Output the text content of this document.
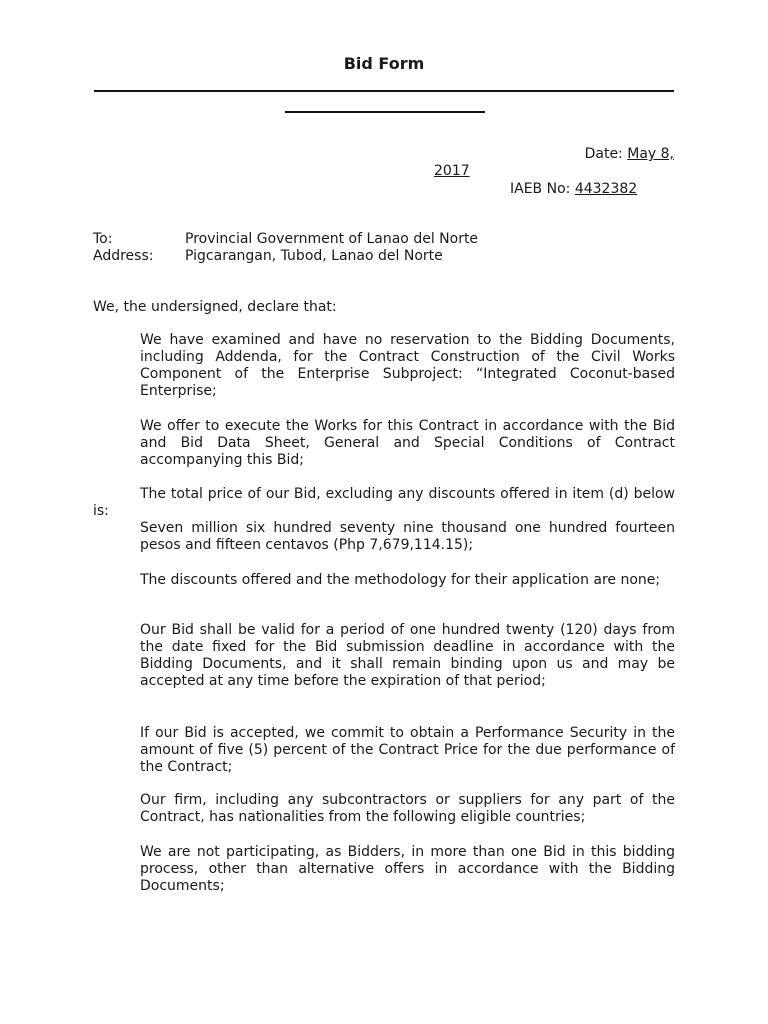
Bid Form
Date: May 8,
2017
IAEB No: 4432382
To:	Provincial Government of Lanao del Norte
Address: Pigcarangan, Tubod, Lanao del Norte
We, the undersigned, declare that:
We have examined and have no reservation to the Bidding Documents, including Addenda, for the Contract Construction of the Civil Works Component of the Enterprise Subproject: “Integrated Coconut-based Enterprise;
We offer to execute the Works for this Contract in accordance with the Bid and Bid Data Sheet, General and Special Conditions of Contract accompanying this Bid;
The total price of our Bid, excluding any discounts offered in item (d) below is:
Seven million six hundred seventy nine thousand one hundred fourteen pesos and fifteen centavos (Php 7,679,114.15);
The discounts offered and the methodology for their application are none;
Our Bid shall be valid for a period of one hundred twenty (120) days from the date fixed for the Bid submission deadline in accordance with the Bidding Documents, and it shall remain binding upon us and may be accepted at any time before the expiration of that period;
If our Bid is accepted, we commit to obtain a Performance Security in the amount of five (5) percent of the Contract Price for the due performance of the Contract;
Our firm, including any subcontractors or suppliers for any part of the Contract, has nationalities from the following eligible countries;
We are not participating, as Bidders, in more than one Bid in this bidding process, other than alternative offers in accordance with the Bidding Documents;
